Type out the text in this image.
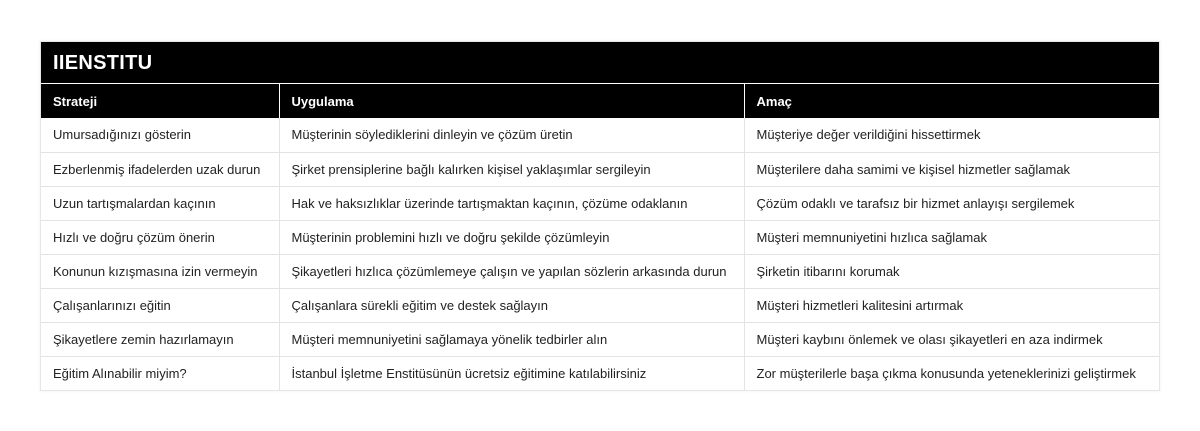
IIENSTITU
Strateji	Uygulama	Amaç
Umursadığınızı gösterin	Müşterinin söylediklerini dinleyin ve çözüm üretin	Müşteriye değer verildiğini hissettirmek
Ezberlenmiş ifadelerden uzak durun	Şirket prensiplerine bağlı kalırken kişisel yaklaşımlar sergileyin	Müşterilere daha samimi ve kişisel hizmetler sağlamak
Uzun tartışmalardan kaçının	Hak ve haksızlıklar üzerinde tartışmaktan kaçının, çözüme odaklanın	Çözüm odaklı ve tarafsız bir hizmet anlayışı sergilemek
Hızlı ve doğru çözüm önerin	Müşterinin problemini hızlı ve doğru şekilde çözümleyin	Müşteri memnuniyetini hızlıca sağlamak
Konunun kızışmasına izin vermeyin	Şikayetleri hızlıca çözümlemeye çalışın ve yapılan sözlerin arkasında durun	Şirketin itibarını korumak
Çalışanlarınızı eğitin	Çalışanlara sürekli eğitim ve destek sağlayın	Müşteri hizmetleri kalitesini artırmak
Şikayetlere zemin hazırlamayın	Müşteri memnuniyetini sağlamaya yönelik tedbirler alın	Müşteri kaybını önlemek ve olası şikayetleri en aza indirmek
Eğitim Alınabilir miyim?	İstanbul İşletme Enstitüsünün ücretsiz eğitimine katılabilirsiniz	Zor müşterilerle başa çıkma konusunda yeteneklerinizi geliştirmek
